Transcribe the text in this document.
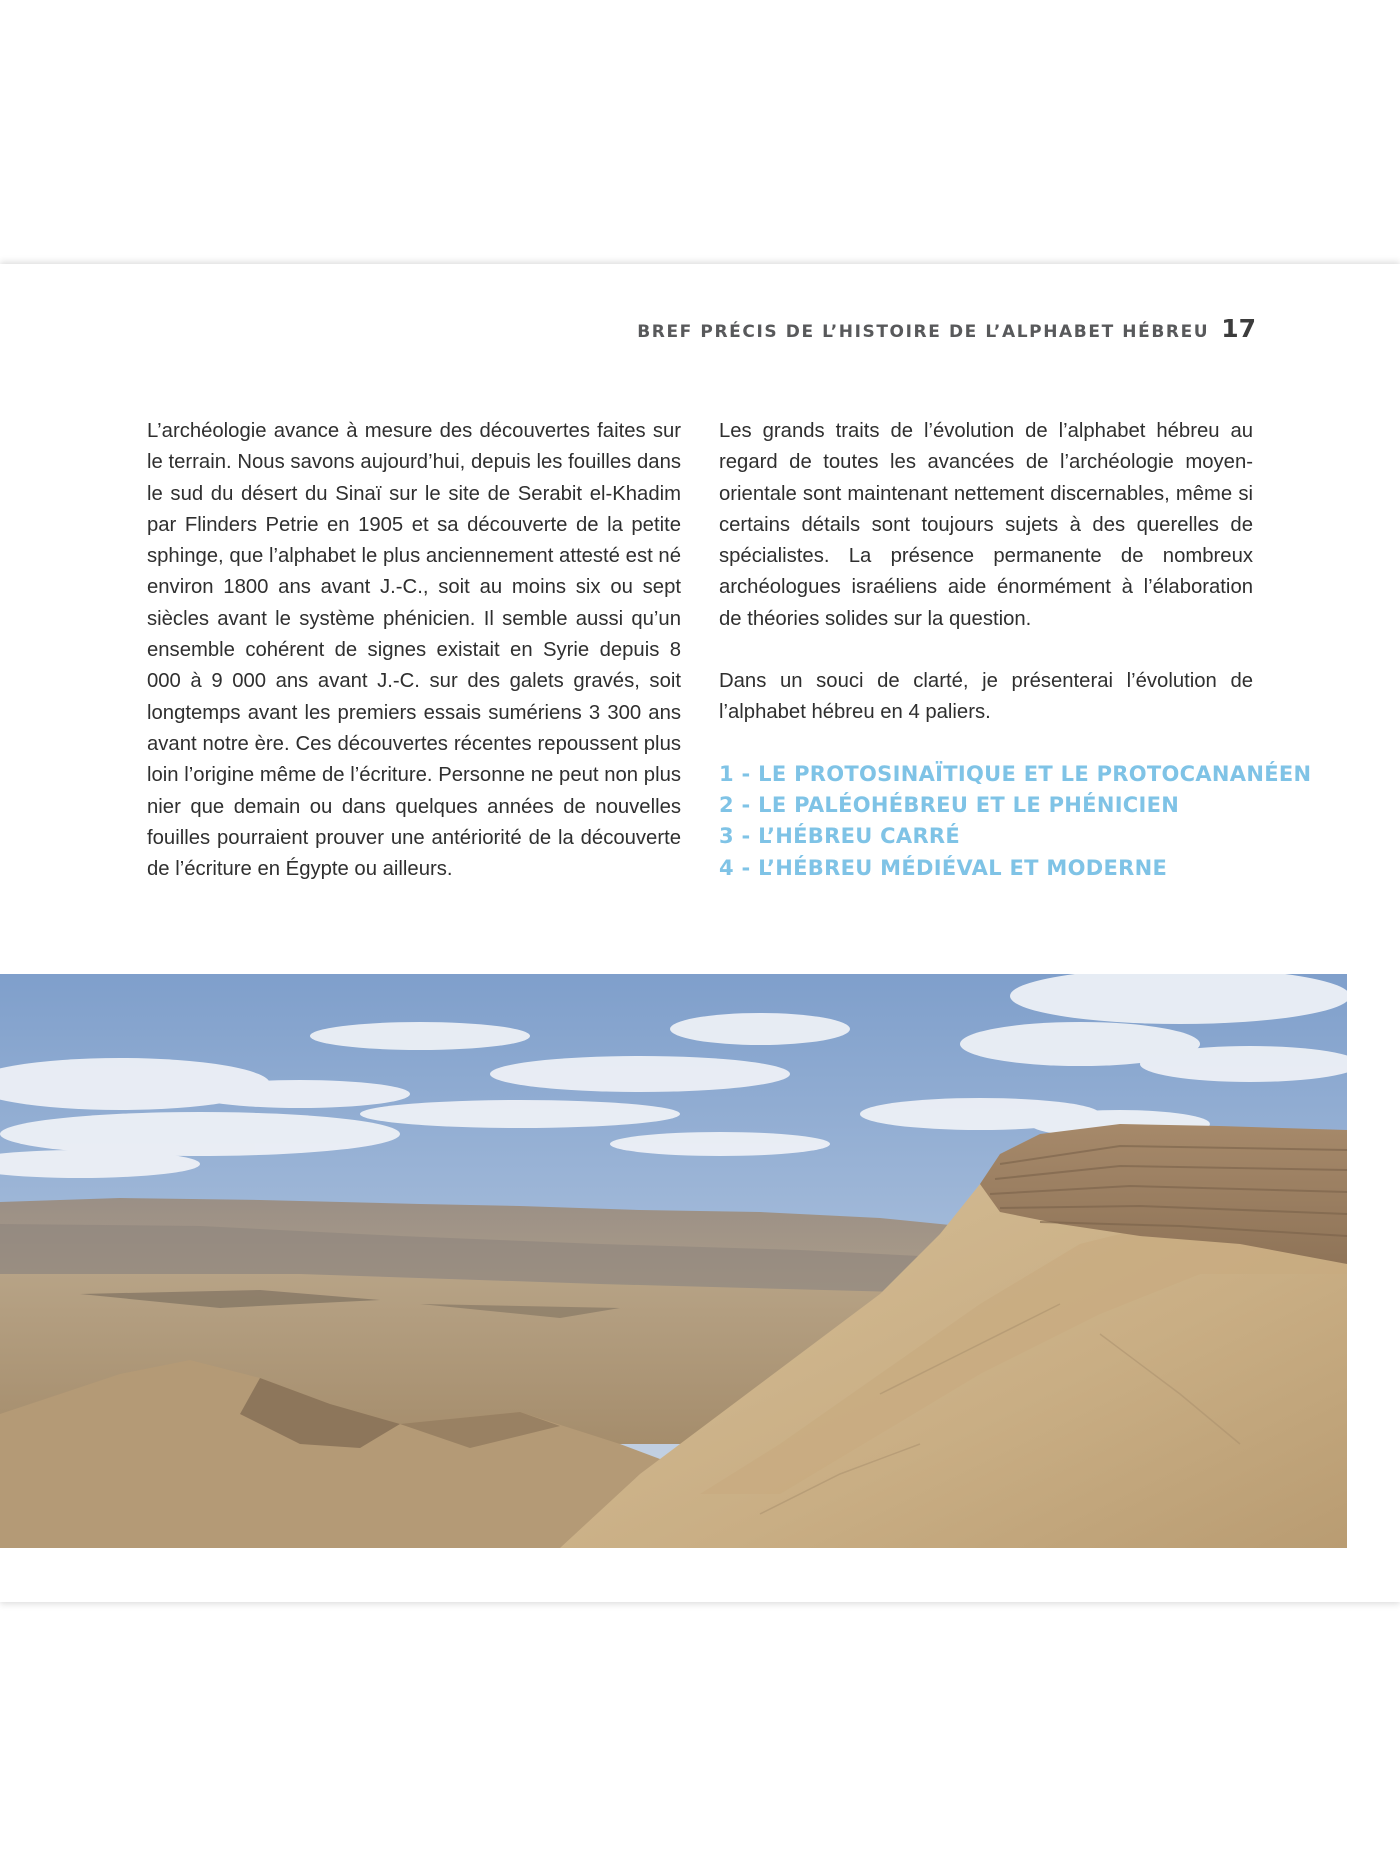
BREF PRÉCIS DE L’HISTOIRE DE L’ALPHABET HÉBREU 17

L’archéologie avance à mesure des découvertes faites sur le terrain. Nous savons aujourd’hui, depuis les fouilles dans le sud du désert du Sinaï sur le site de Serabit el-Khadim par Flinders Petrie en 1905 et sa découverte de la petite sphinge, que l’alphabet le plus anciennement attesté est né environ 1800 ans avant J.-C., soit au moins six ou sept siècles avant le système phénicien. Il semble aussi qu’un ensemble cohérent de signes existait en Syrie depuis 8 000 à 9 000 ans avant J.-C. sur des galets gravés, soit longtemps avant les premiers essais sumériens 3 300 ans avant notre ère. Ces découvertes récentes repoussent plus loin l’origine même de l’écriture. Personne ne peut non plus nier que demain ou dans quelques années de nouvelles fouilles pourraient prouver une antériorité de la découverte de l’écriture en Égypte ou ailleurs.

Les grands traits de l’évolution de l’alphabet hébreu au regard de toutes les avancées de l’archéologie moyen-orientale sont maintenant nettement discernables, même si certains détails sont toujours sujets à des querelles de spécialistes. La présence permanente de nombreux archéologues israéliens aide énormément à l’élaboration de théories solides sur la question.

Dans un souci de clarté, je présenterai l’évolution de l’alphabet hébreu en 4 paliers.

1 - LE PROTOSINAÏTIQUE ET LE PROTOCANANÉEN
2 - LE PALÉOHÉBREU ET LE PHÉNICIEN
3 - L’HÉBREU CARRÉ
4 - L’HÉBREU MÉDIÉVAL ET MODERNE
